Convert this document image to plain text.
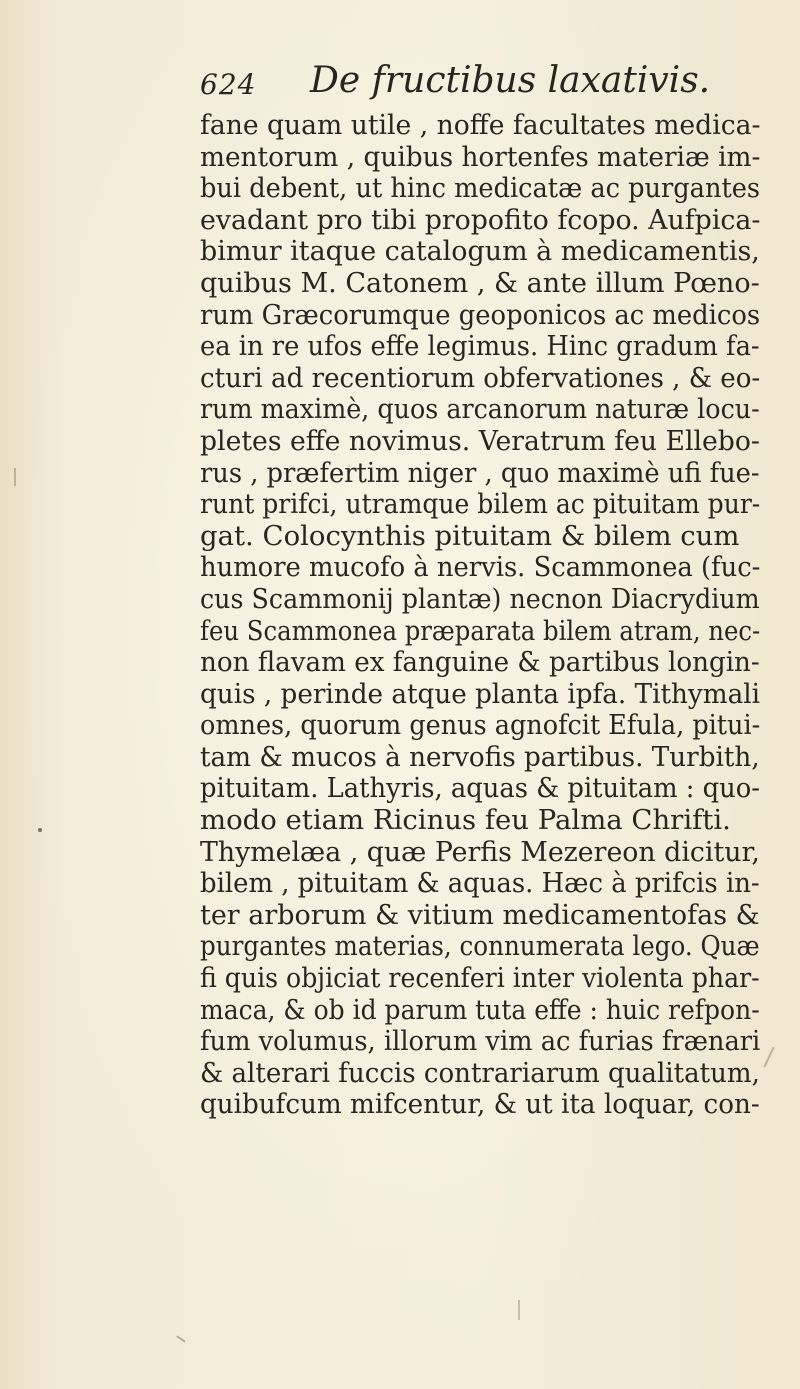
624 De fructibus laxativis.
fane quam utile , noffe facultates medica-
mentorum , quibus hortenfes materiæ im-
bui debent, ut hinc medicatæ ac purgantes
evadant pro tibi propofito fcopo. Aufpica-
bimur itaque catalogum à medicamentis,
quibus M. Catonem , & ante illum Pœno-
rum Græcorumque geoponicos ac medicos
ea in re ufos effe legimus. Hinc gradum fa-
cturi ad recentiorum obfervationes , & eo-
rum maximè, quos arcanorum naturæ locu-
pletes effe novimus. Veratrum feu Ellebo-
rus , præfertim niger , quo maximè ufi fue-
runt prifci, utramque bilem ac pituitam pur-
gat. Colocynthis pituitam & bilem cum
humore mucofo à nervis. Scammonea (fuc-
cus Scammonij plantæ) necnon Diacrydium
feu Scammonea præparata bilem atram, nec-
non flavam ex fanguine & partibus longin-
quis , perinde atque planta ipfa. Tithymali
omnes, quorum genus agnofcit Efula, pitui-
tam & mucos à nervofis partibus. Turbith,
pituitam. Lathyris, aquas & pituitam : quo-
modo etiam Ricinus feu Palma Chrifti.
Thymelæa , quæ Perfis Mezereon dicitur,
bilem , pituitam & aquas. Hæc à prifcis in-
ter arborum & vitium medicamentofas &
purgantes materias, connumerata lego. Quæ
fi quis objiciat recenferi inter violenta phar-
maca, & ob id parum tuta effe : huic refpon-
fum volumus, illorum vim ac furias frænari
& alterari fuccis contrariarum qualitatum,
quibufcum mifcentur, & ut ita loquar, con-
